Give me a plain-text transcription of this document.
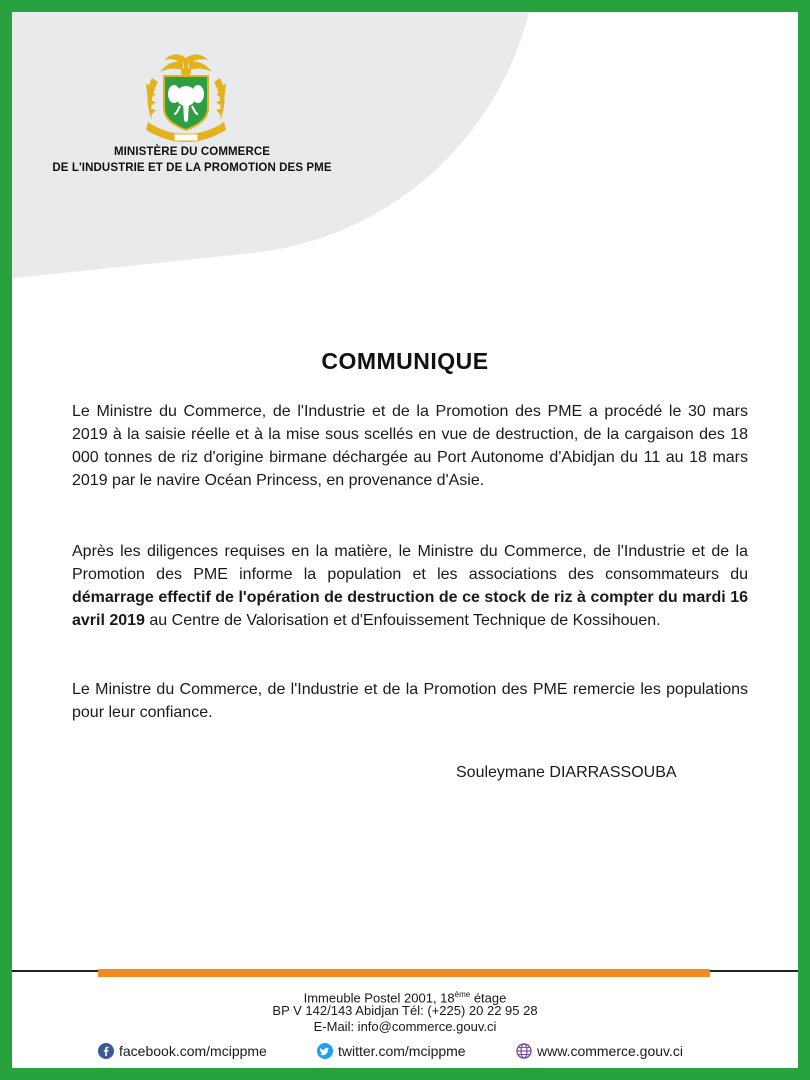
MINISTÈRE DU COMMERCE
DE L'INDUSTRIE ET DE LA PROMOTION DES PME
COMMUNIQUE
Le Ministre du Commerce, de l'Industrie et de la Promotion des PME a procédé le 30 mars 2019 à la saisie réelle et à la mise sous scellés en vue de destruction, de la cargaison des 18 000 tonnes de riz d'origine birmane déchargée au Port Autonome d'Abidjan du 11 au 18 mars 2019 par le navire Océan Princess, en provenance d'Asie.
Après les diligences requises en la matière, le Ministre du Commerce, de l'Industrie et de la Promotion des PME informe la population et les associations des consommateurs du démarrage effectif de l'opération de destruction de ce stock de riz à compter du mardi 16 avril 2019 au Centre de Valorisation et d'Enfouissement Technique de Kossihouen.
Le Ministre du Commerce, de l'Industrie et de la Promotion des PME remercie les populations pour leur confiance.
Souleymane DIARRASSOUBA
Immeuble Postel 2001, 18ème étage
BP V 142/143 Abidjan Tél: (+225) 20 22 95 28
E-Mail: info@commerce.gouv.ci
facebook.com/mcippme	twitter.com/mcippme	www.commerce.gouv.ci
